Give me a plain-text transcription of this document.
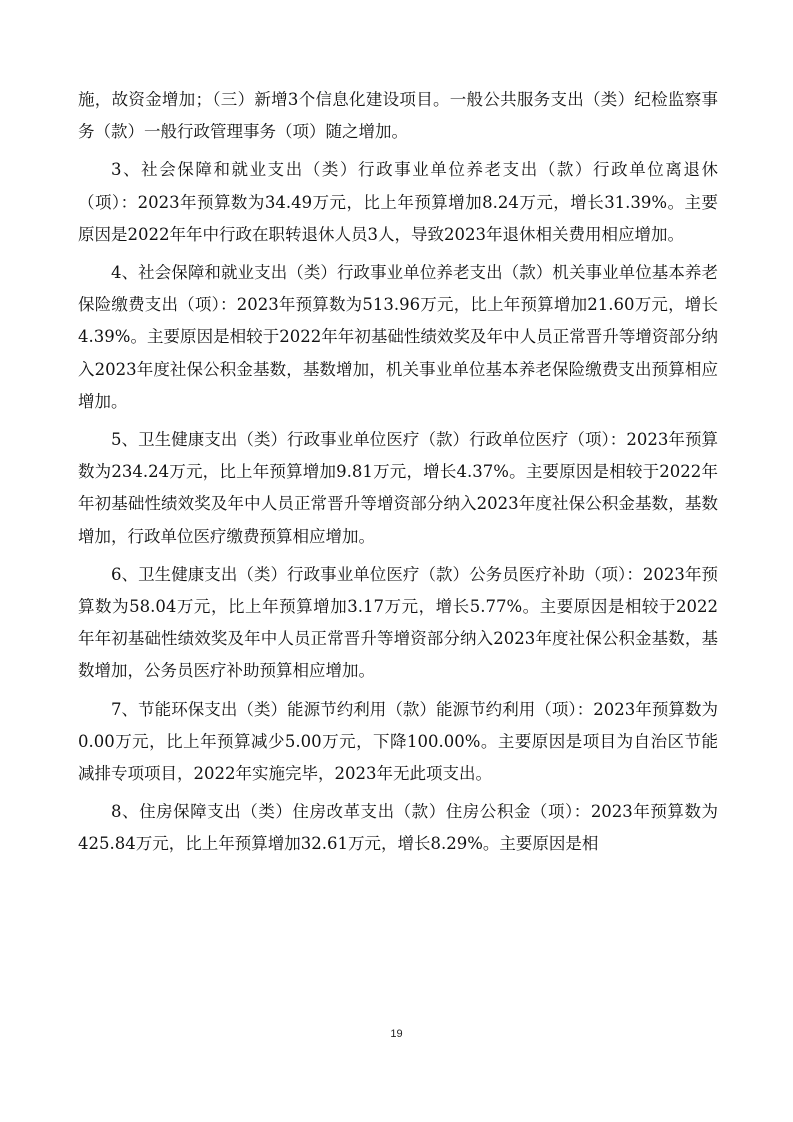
施，故资金增加；（三）新增3个信息化建设项目。一般公共服务支出（类）纪检监察事务（款）一般行政管理事务（项）随之增加。

3、社会保障和就业支出（类）行政事业单位养老支出（款）行政单位离退休（项）：2023年预算数为34.49万元，比上年预算增加8.24万元，增长31.39%。主要原因是2022年年中行政在职转退休人员3人，导致2023年退休相关费用相应增加。

4、社会保障和就业支出（类）行政事业单位养老支出（款）机关事业单位基本养老保险缴费支出（项）：2023年预算数为513.96万元，比上年预算增加21.60万元，增长4.39%。主要原因是相较于2022年年初基础性绩效奖及年中人员正常晋升等增资部分纳入2023年度社保公积金基数，基数增加，机关事业单位基本养老保险缴费支出预算相应增加。

5、卫生健康支出（类）行政事业单位医疗（款）行政单位医疗（项）：2023年预算数为234.24万元，比上年预算增加9.81万元，增长4.37%。主要原因是相较于2022年年初基础性绩效奖及年中人员正常晋升等增资部分纳入2023年度社保公积金基数，基数增加，行政单位医疗缴费预算相应增加。

6、卫生健康支出（类）行政事业单位医疗（款）公务员医疗补助（项）：2023年预算数为58.04万元，比上年预算增加3.17万元，增长5.77%。主要原因是相较于2022年年初基础性绩效奖及年中人员正常晋升等增资部分纳入2023年度社保公积金基数，基数增加，公务员医疗补助预算相应增加。

7、节能环保支出（类）能源节约利用（款）能源节约利用（项）：2023年预算数为0.00万元，比上年预算减少5.00万元，下降100.00%。主要原因是项目为自治区节能减排专项项目，2022年实施完毕，2023年无此项支出。

8、住房保障支出（类）住房改革支出（款）住房公积金（项）：2023年预算数为425.84万元，比上年预算增加32.61万元，增长8.29%。主要原因是相

19
